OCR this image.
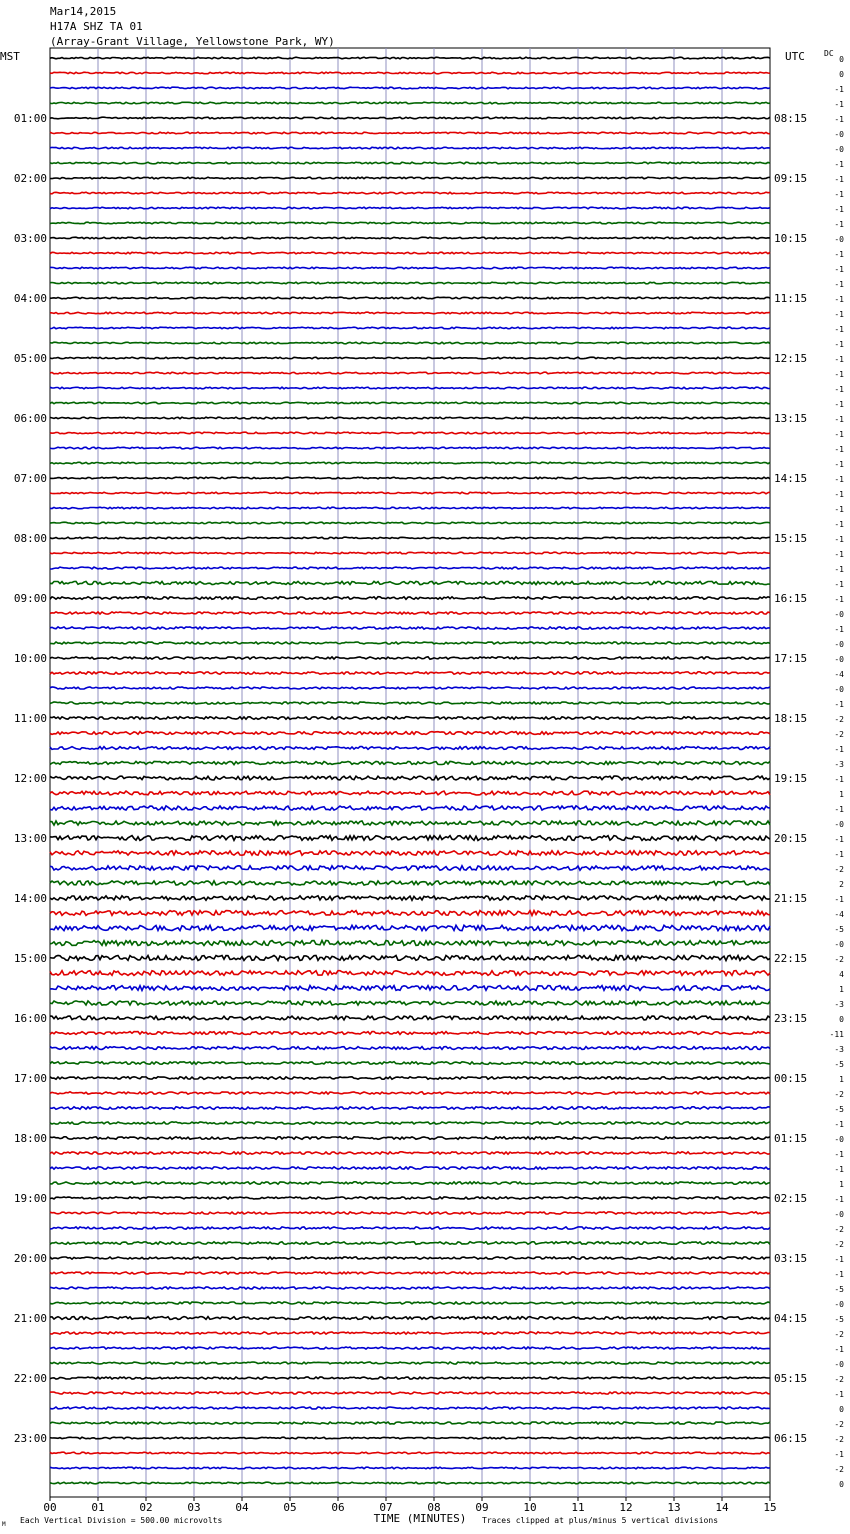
Mar14,2015
H17A SHZ TA 01
(Array-Grant Village, Yellowstone Park, WY)
00	01	02	03	04	05	06	07	08	09	10	11	12	13	14	15
0
0
-1
-1
-1
-0
-0
-1
-1
-1
-1
-1
-0
-1
-1
-1
-1
-1
-1
-1
-1
-1
-1
-1
-1
-1
-1
-1
-1
-1
-1
-1
-1
-1
-1
-1
-1
-0
-1
-0
-0
-4
-0
-1
-2
-2
-1
-3
-1
1
-1
-0
-1
-1
-2
2
-1
-4
-5
-0
-2
4
1
-3
0
-11
-3
-5
1
-2
-5
-1
-0
-1
-1
1
-1
-0
-2
-2
-1
-1
-5
-0
-5
-2
-1
-0
-2
-1
0
-2
-2
-1
-2
0
01:00	08:15
02:00	09:15
03:00	10:15
04:00	11:15
05:00	12:15
06:00	13:15
07:00	14:15
08:00	15:15
09:00	16:15
10:00	17:15
11:00	18:15
12:00	19:15
13:00	20:15
14:00	21:15
15:00	22:15
16:00	23:15
17:00	00:15
18:00	01:15
19:00	02:15
20:00	03:15
21:00	04:15
22:00	05:15
23:00	06:15
MST	UTC DC
TIME (MINUTES)
Each Vertical Division = 500.00 microvolts	Traces clipped at plus/minus 5 vertical divisions
M
